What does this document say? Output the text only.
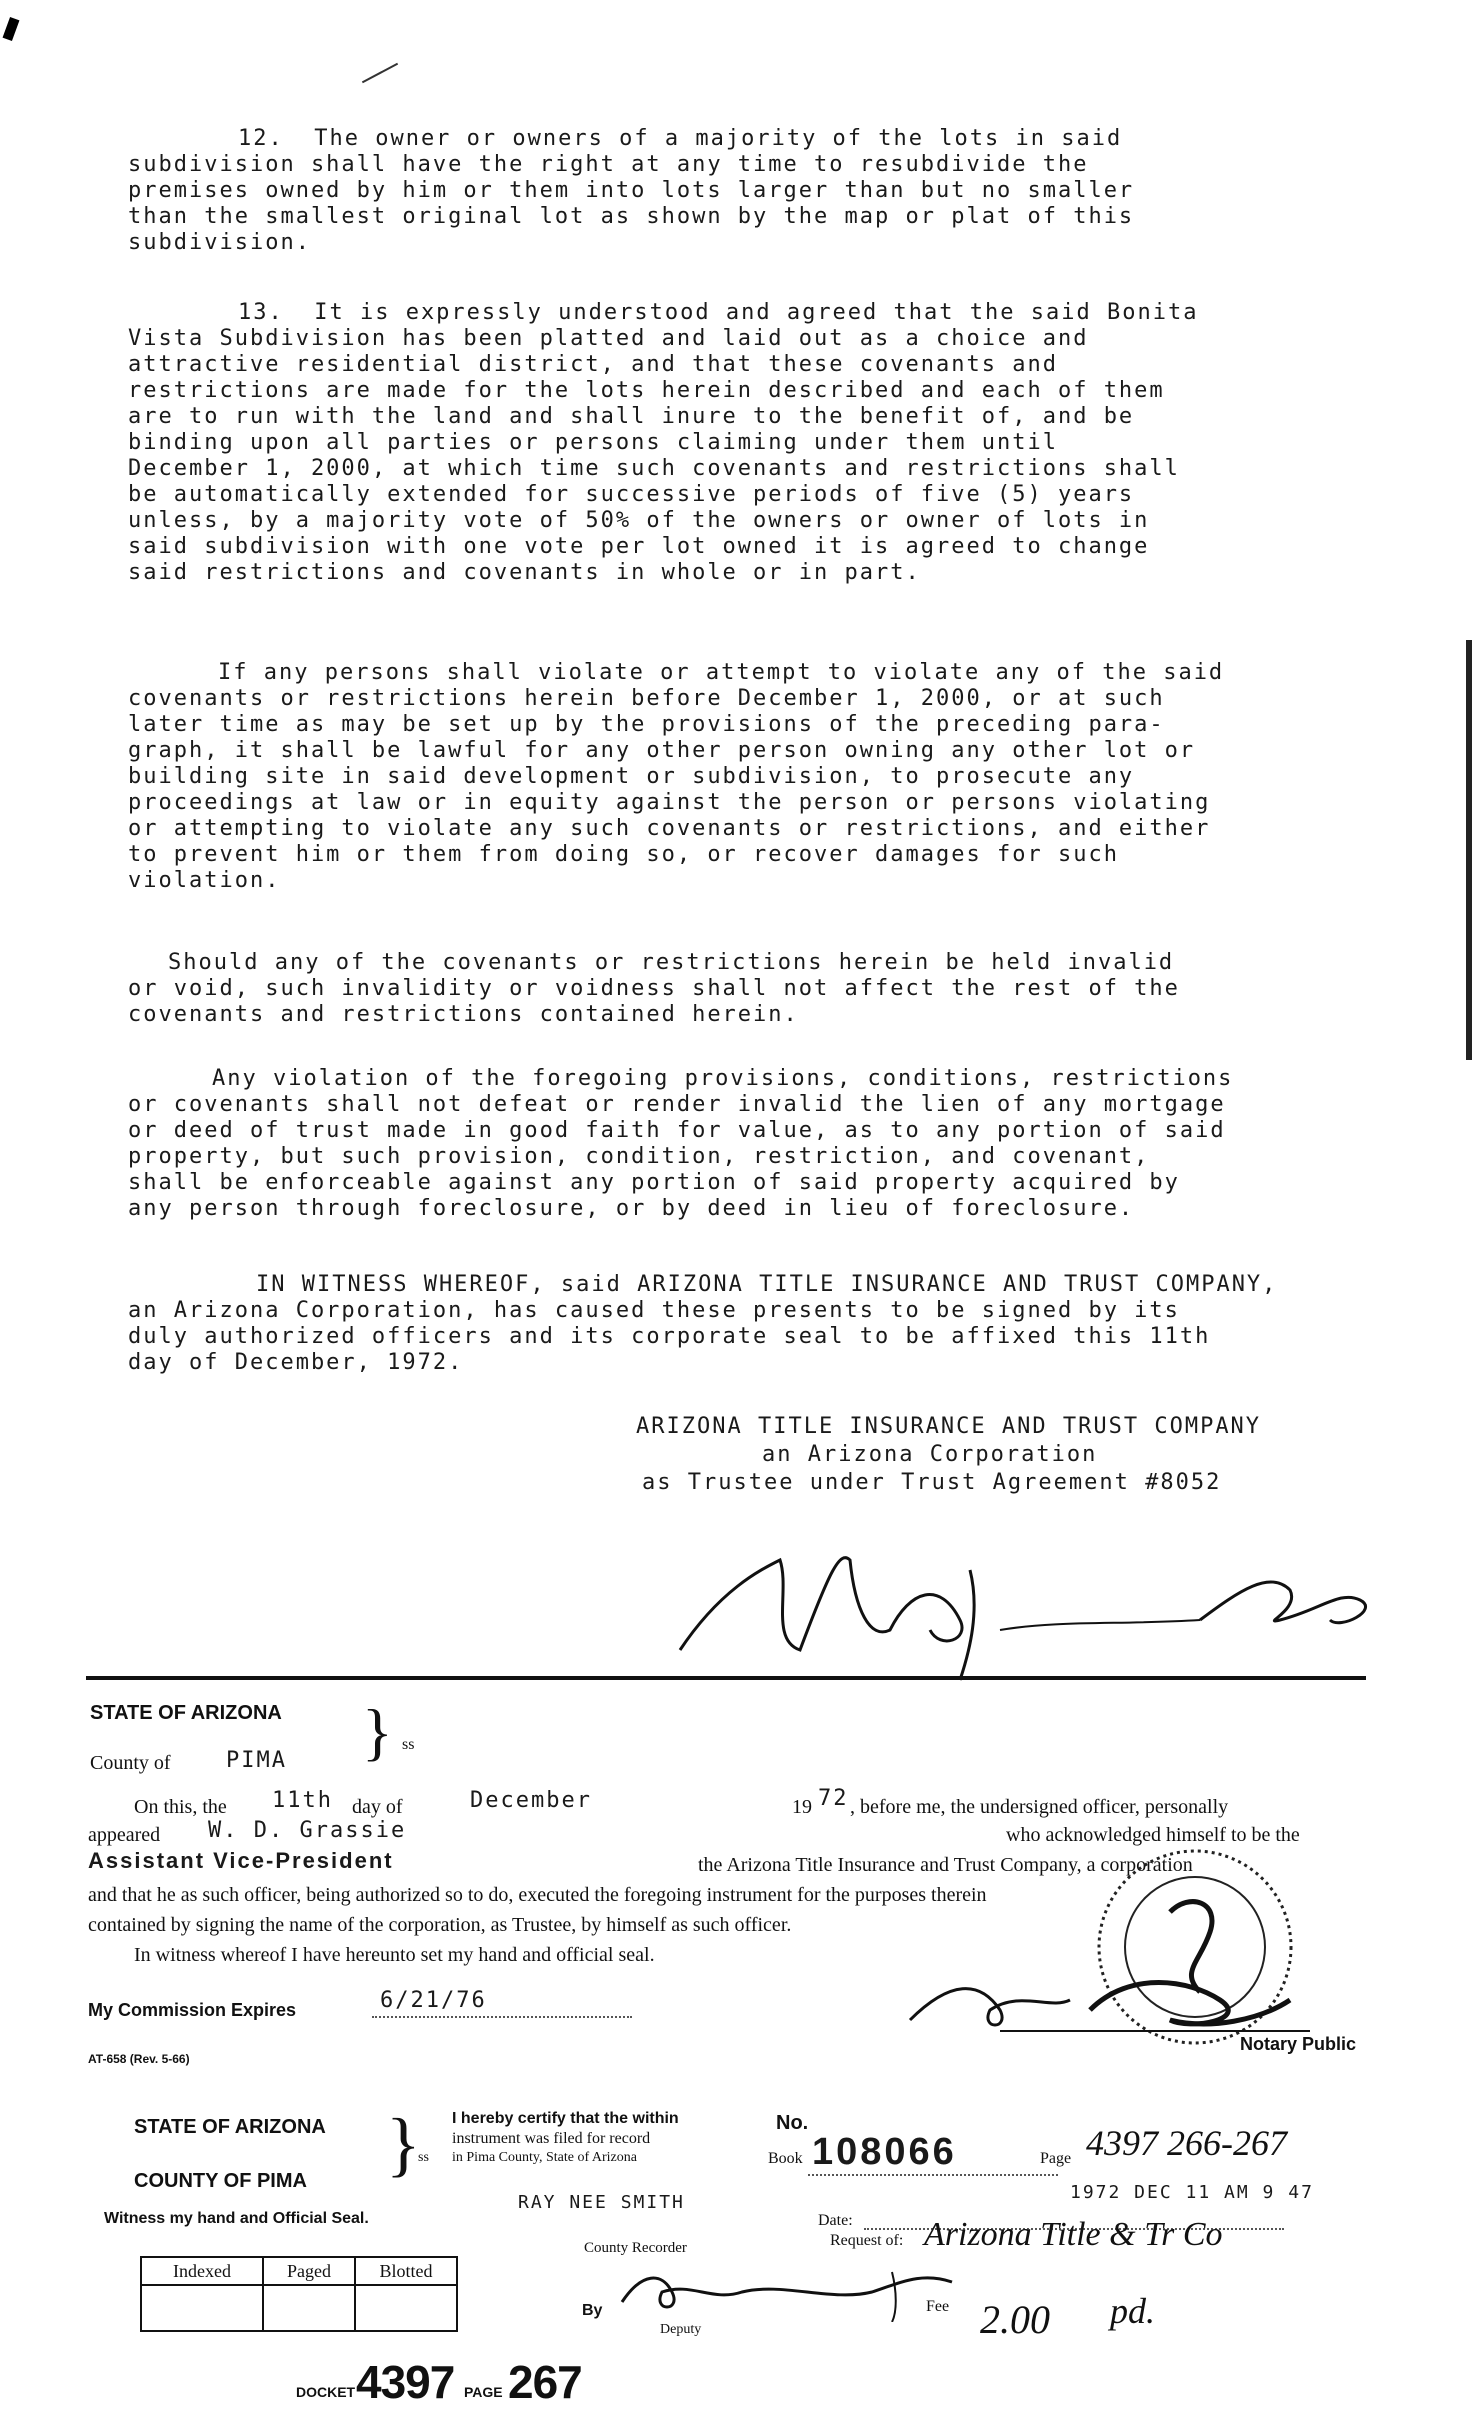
12.  The owner or owners of a majority of the lots in said
subdivision shall have the right at any time to resubdivide the
premises owned by him or them into lots larger than but no smaller
than the smallest original lot as shown by the map or plat of this
subdivision.

13.  It is expressly understood and agreed that the said Bonita
Vista Subdivision has been platted and laid out as a choice and
attractive residential district, and that these covenants and
restrictions are made for the lots herein described and each of them
are to run with the land and shall inure to the benefit of, and be
binding upon all parties or persons claiming under them until
December 1, 2000, at which time such covenants and restrictions shall
be automatically extended for successive periods of five (5) years
unless, by a majority vote of 50% of the owners or owner of lots in
said subdivision with one vote per lot owned it is agreed to change
said restrictions and covenants in whole or in part.

If any persons shall violate or attempt to violate any of the said
covenants or restrictions herein before December 1, 2000, or at such
later time as may be set up by the provisions of the preceding para-
graph, it shall be lawful for any other person owning any other lot or
building site in said development or subdivision, to prosecute any
proceedings at law or in equity against the person or persons violating
or attempting to violate any such covenants or restrictions, and either
to prevent him or them from doing so, or recover damages for such
violation.

Should any of the covenants or restrictions herein be held invalid
or void, such invalidity or voidness shall not affect the rest of the
covenants and restrictions contained herein.

Any violation of the foregoing provisions, conditions, restrictions
or covenants shall not defeat or render invalid the lien of any mortgage
or deed of trust made in good faith for value, as to any portion of said
property, but such provision, condition, restriction, and covenant,
shall be enforceable against any portion of said property acquired by
any person through foreclosure, or by deed in lieu of foreclosure.

IN WITNESS WHEREOF, said ARIZONA TITLE INSURANCE AND TRUST COMPANY,
an Arizona Corporation, has caused these presents to be signed by its
duly authorized officers and its corporate seal to be affixed this 11th
day of December, 1972.

ARIZONA TITLE INSURANCE AND TRUST COMPANY
an Arizona Corporation
as Trustee under Trust Agreement #8052
STATE OF ARIZONA
County of	PIMA } ss
On this, the 11th day of	December	19 72 , before me, the undersigned officer, personally
appeared W. D. Grassie	who acknowledged himself to be the
Assistant Vice-President	the Arizona Title Insurance and Trust Company, a corporation
and that he as such officer, being authorized so to do, executed the foregoing instrument for the purposes therein
contained by signing the name of the corporation, as Trustee, by himself as such officer.
In witness whereof I have hereunto set my hand and official seal.
My Commission Expires	6/21/76
AT-658 (Rev. 5-66)
Notary Public
STATE OF ARIZONA
COUNTY OF PIMA }
ss
I hereby certify that the within
instrument was filed for record
in Pima County, State of Arizona
No.
Book 108066	Page 4397 266-267
Witness my hand and Official Seal.
RAY NEE SMITH
County Recorder
Date:
1972 DEC 11 AM 9 47
Request of: Arizona Title & Tr Co
Indexed	Paged	Blotted

By
Deputy
Fee 2.00 pd.
DOCKET 4397 PAGE 267
